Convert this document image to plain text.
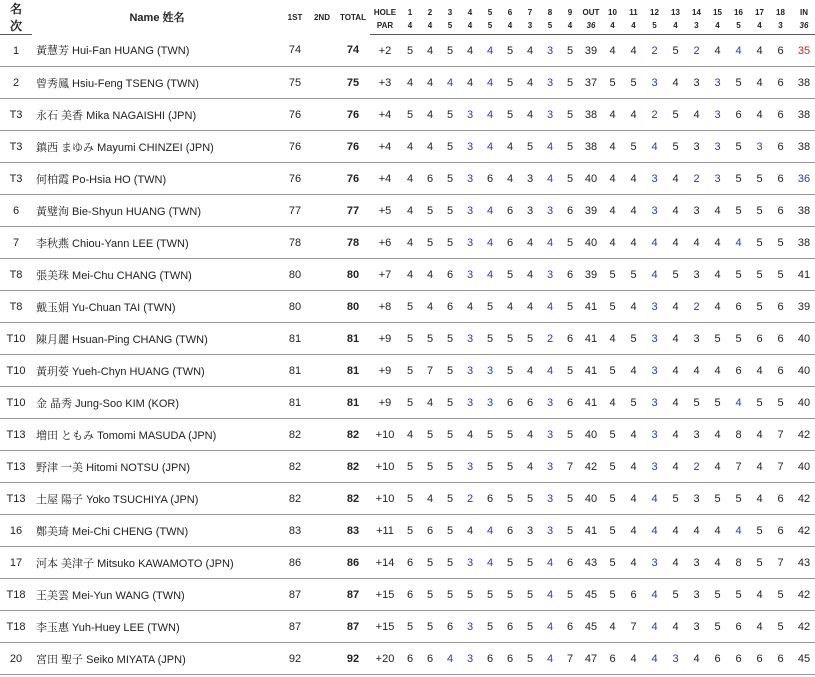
名	Name 姓名	1ST	2ND	TOTAL	HOLE	1	2	3	4	5	6	7	8	9	OUT	10	11	12	13	14	15	16	17	18	IN
次					PAR	4	4	5	4	5	4	3	5	4	36	4	4	5	4	3	4	5	4	3	36
1	黃慧芳 Hui-Fan HUANG (TWN)	74		74	+2	5	4	5	4	4	5	4	3	5	39	4	4	2	5	2	4	4	4	6	35
2	曾秀鳳 Hsiu-Feng TSENG (TWN)	75		75	+3	4	4	4	4	4	5	4	3	5	37	5	5	3	4	3	3	5	4	6	38
T3	永石 美香 Mika NAGAISHI (JPN)	76		76	+4	5	4	5	3	4	5	4	3	5	38	4	4	2	5	4	3	6	4	6	38
T3	鎮西 まゆみ Mayumi CHINZEI (JPN)	76		76	+4	4	4	5	3	4	4	5	4	5	38	4	5	4	5	3	3	5	3	6	38
T3	何柏霞 Po-Hsia HO (TWN)	76		76	+4	4	6	5	3	6	4	3	4	5	40	4	4	3	4	2	3	5	5	6	36
6	黃璧洵 Bie-Shyun HUANG (TWN)	77		77	+5	4	5	5	3	4	6	3	3	6	39	4	4	3	4	3	4	5	5	6	38
7	李秋燕 Chiou-Yann LEE (TWN)	78		78	+6	4	5	5	3	4	6	4	4	5	40	4	4	4	4	4	4	4	5	5	38
T8	張美珠 Mei-Chu CHANG (TWN)	80		80	+7	4	4	6	3	4	5	4	3	6	39	5	5	4	5	3	4	5	5	5	41
T8	戴玉娟 Yu-Chuan TAI (TWN)	80		80	+8	5	4	6	4	5	4	4	4	5	41	5	4	3	4	2	4	6	5	6	39
T10	陳月麗 Hsuan-Ping CHANG (TWN)	81		81	+9	5	5	5	3	5	5	5	2	6	41	4	5	3	4	3	5	5	6	6	40
T10	黃玥荌 Yueh-Chyn HUANG (TWN)	81		81	+9	5	7	5	3	3	5	4	4	5	41	5	4	3	4	4	4	6	4	6	40
T10	金 晶秀 Jung-Soo KIM (KOR)	81		81	+9	5	4	5	3	3	6	6	3	6	41	4	5	3	4	5	5	4	5	5	40
T13	増田 ともみ Tomomi MASUDA (JPN)	82		82	+10	4	5	5	4	5	5	4	3	5	40	5	4	3	4	3	4	8	4	7	42
T13	野津 一美 Hitomi NOTSU (JPN)	82		82	+10	5	5	5	3	5	5	4	3	7	42	5	4	3	4	2	4	7	4	7	40
T13	土屋 陽子 Yoko TSUCHIYA (JPN)	82		82	+10	5	4	5	2	6	5	5	3	5	40	5	4	4	5	3	5	5	4	6	42
16	鄭美琦 Mei-Chi CHENG (TWN)	83		83	+11	5	6	5	4	4	6	3	3	5	41	5	4	4	4	4	4	4	5	6	42
17	河本 美津子 Mitsuko KAWAMOTO (JPN)	86		86	+14	6	5	5	3	4	5	5	4	6	43	5	4	3	4	3	4	8	5	7	43
T18	王美雲 Mei-Yun WANG (TWN)	87		87	+15	6	5	5	5	5	5	5	4	5	45	5	6	4	5	3	5	5	4	5	42
T18	李玉惠 Yuh-Huey LEE (TWN)	87		87	+15	5	5	6	3	5	6	5	4	6	45	4	7	4	4	3	5	6	4	5	42
20	宮田 聖子 Seiko MIYATA (JPN)	92		92	+20	6	6	4	3	6	6	5	4	7	47	6	4	4	3	4	6	6	6	6	45
